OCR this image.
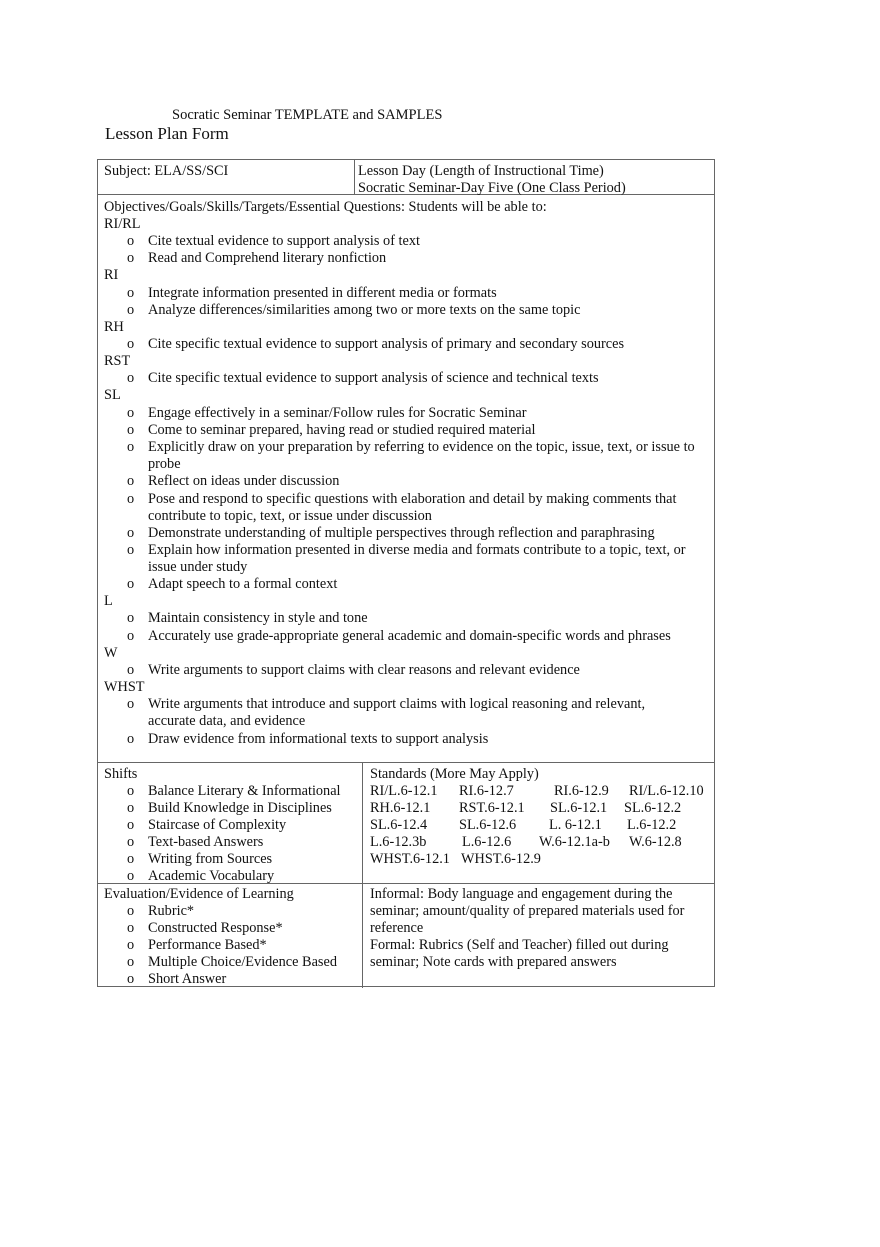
Socratic Seminar TEMPLATE and SAMPLES
Lesson Plan Form
Subject: ELA/SS/SCI	Lesson Day (Length of Instructional Time)
Socratic Seminar-Day Five (One Class Period)
Objectives/Goals/Skills/Targets/Essential Questions: Students will be able to:
RI/RL
o Cite textual evidence to support analysis of text
o Read and Comprehend literary nonfiction
RI
o Integrate information presented in different media or formats
o Analyze differences/similarities among two or more texts on the same topic
RH
o Cite specific textual evidence to support analysis of primary and secondary sources
RST
o Cite specific textual evidence to support analysis of science and technical texts
SL
o Engage effectively in a seminar/Follow rules for Socratic Seminar
o Come to seminar prepared, having read or studied required material
o Explicitly draw on your preparation by referring to evidence on the topic, issue, text, or issue to probe
o Reflect on ideas under discussion
o Pose and respond to specific questions with elaboration and detail by making comments that contribute to topic, text, or issue under discussion
o Demonstrate understanding of multiple perspectives through reflection and paraphrasing
o Explain how information presented in diverse media and formats contribute to a topic, text, or issue under study
o Adapt speech to a formal context
L
o Maintain consistency in style and tone
o Accurately use grade-appropriate general academic and domain-specific words and phrases
W
o Write arguments to support claims with clear reasons and relevant evidence
WHST
o Write arguments that introduce and support claims with logical reasoning and relevant, accurate data, and evidence
o Draw evidence from informational texts to support analysis
Shifts
o Balance Literary & Informational
o Build Knowledge in Disciplines
o Staircase of Complexity
o Text-based Answers
o Writing from Sources
o Academic Vocabulary
Standards (More May Apply)
RI/L.6-12.1 RI.6-12.7	RI.6-12.9 RI/L.6-12.10
RH.6-12.1 RST.6-12.1 SL.6-12.1 SL.6-12.2
SL.6-12.4 SL.6-12.6 L. 6-12.1 L.6-12.2
L.6-12.3b L.6-12.6 W.6-12.1a-b W.6-12.8
WHST.6-12.1 WHST.6-12.9
Evaluation/Evidence of Learning
o Rubric*
o Constructed Response*
o Performance Based*
o Multiple Choice/Evidence Based
o Short Answer
Informal: Body language and engagement during the
seminar; amount/quality of prepared materials used for
reference
Formal: Rubrics (Self and Teacher) filled out during
seminar; Note cards with prepared answers
